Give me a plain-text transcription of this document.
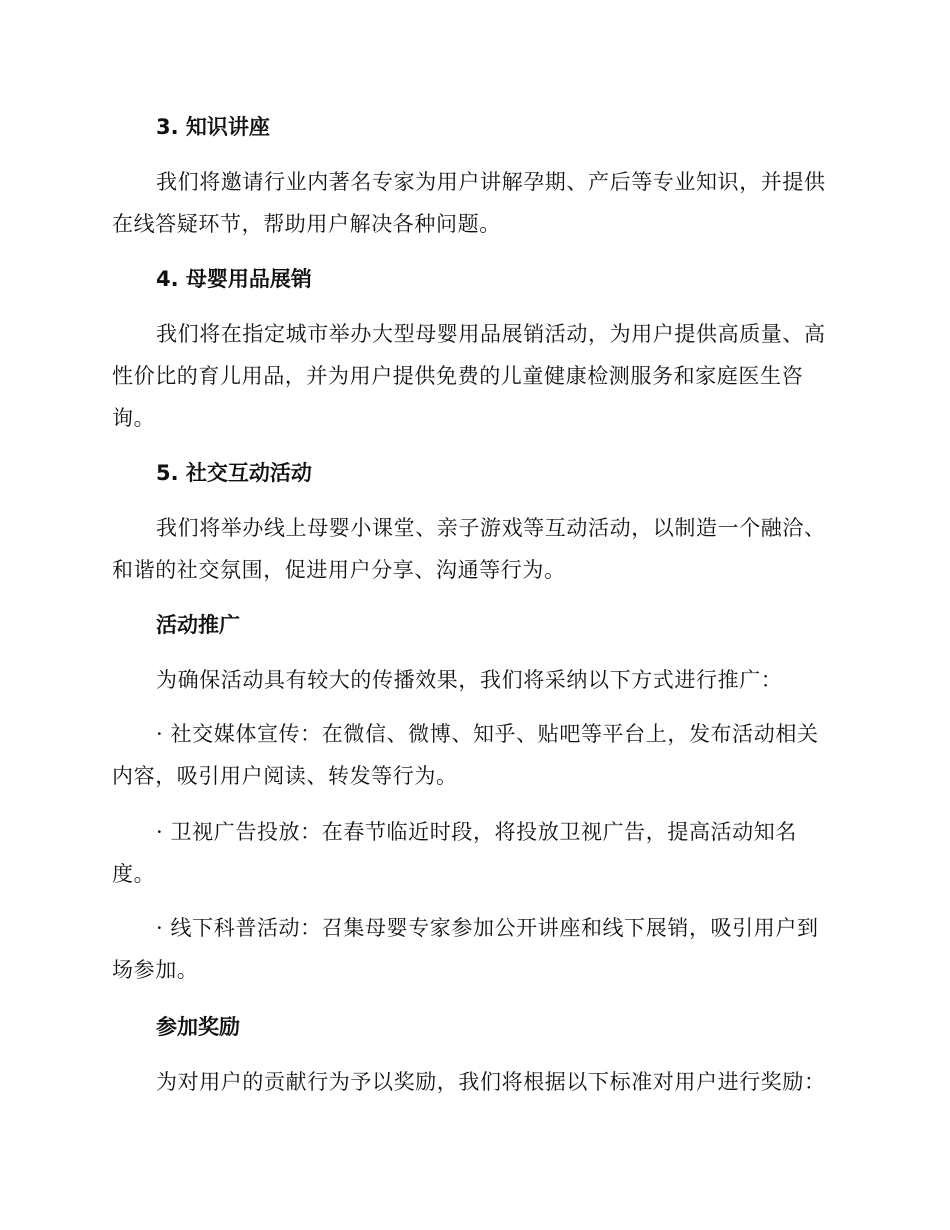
3. 知识讲座

我们将邀请行业内著名专家为用户讲解孕期、产后等专业知识，并提供在线答疑环节，帮助用户解决各种问题。

4. 母婴用品展销

我们将在指定城市举办大型母婴用品展销活动，为用户提供高质量、高性价比的育儿用品，并为用户提供免费的儿童健康检测服务和家庭医生咨询。

5. 社交互动活动

我们将举办线上母婴小课堂、亲子游戏等互动活动，以制造一个融洽、和谐的社交氛围，促进用户分享、沟通等行为。

活动推广

为确保活动具有较大的传播效果，我们将采纳以下方式进行推广：

· 社交媒体宣传：在微信、微博、知乎、贴吧等平台上，发布活动相关内容，吸引用户阅读、转发等行为。

· 卫视广告投放：在春节临近时段，将投放卫视广告，提高活动知名度。

· 线下科普活动：召集母婴专家参加公开讲座和线下展销，吸引用户到场参加。

参加奖励

为对用户的贡献行为予以奖励，我们将根据以下标准对用户进行奖励：
